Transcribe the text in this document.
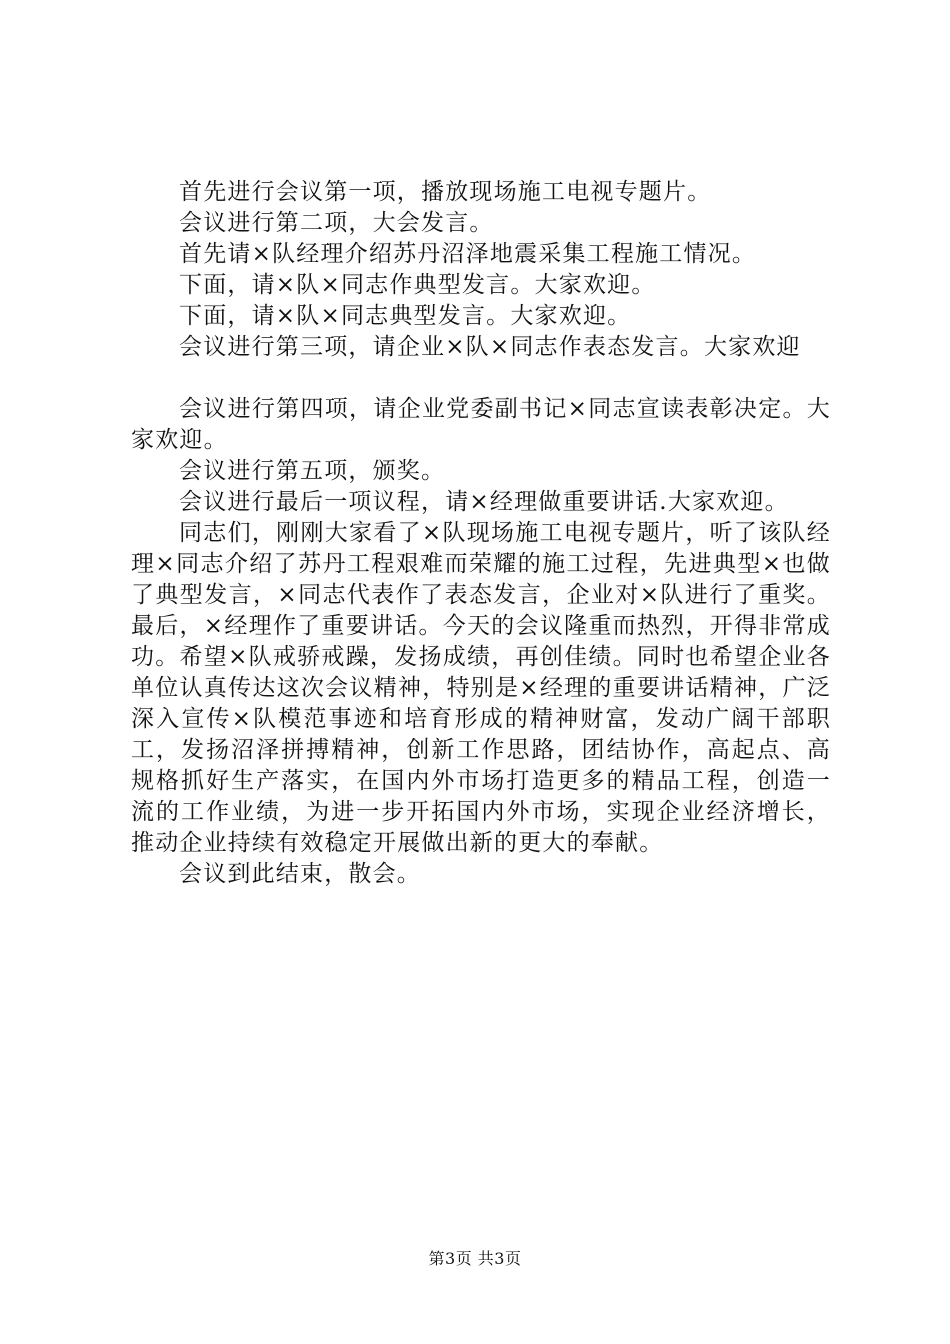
首先进行会议第一项，播放现场施工电视专题片。

会议进行第二项，大会发言。

首先请×队经理介绍苏丹沼泽地震采集工程施工情况。

下面，请×队×同志作典型发言。大家欢迎。

下面，请×队×同志典型发言。大家欢迎。

会议进行第三项，请企业×队×同志作表态发言。大家欢迎

会议进行第四项，请企业党委副书记×同志宣读表彰决定。大家欢迎。

会议进行第五项，颁奖。

会议进行最后一项议程，请×经理做重要讲话.大家欢迎。

同志们，刚刚大家看了×队现场施工电视专题片，听了该队经理×同志介绍了苏丹工程艰难而荣耀的施工过程，先进典型×也做了典型发言，×同志代表作了表态发言，企业对×队进行了重奖。最后，×经理作了重要讲话。今天的会议隆重而热烈，开得非常成功。希望×队戒骄戒躁，发扬成绩，再创佳绩。同时也希望企业各单位认真传达这次会议精神，特别是×经理的重要讲话精神，广泛深入宣传×队模范事迹和培育形成的精神财富，发动广阔干部职工，发扬沼泽拼搏精神，创新工作思路，团结协作，高起点、高规格抓好生产落实，在国内外市场打造更多的精品工程，创造一流的工作业绩，为进一步开拓国内外市场，实现企业经济增长，推动企业持续有效稳定开展做出新的更大的奉献。

会议到此结束，散会。

第3页 共3页
